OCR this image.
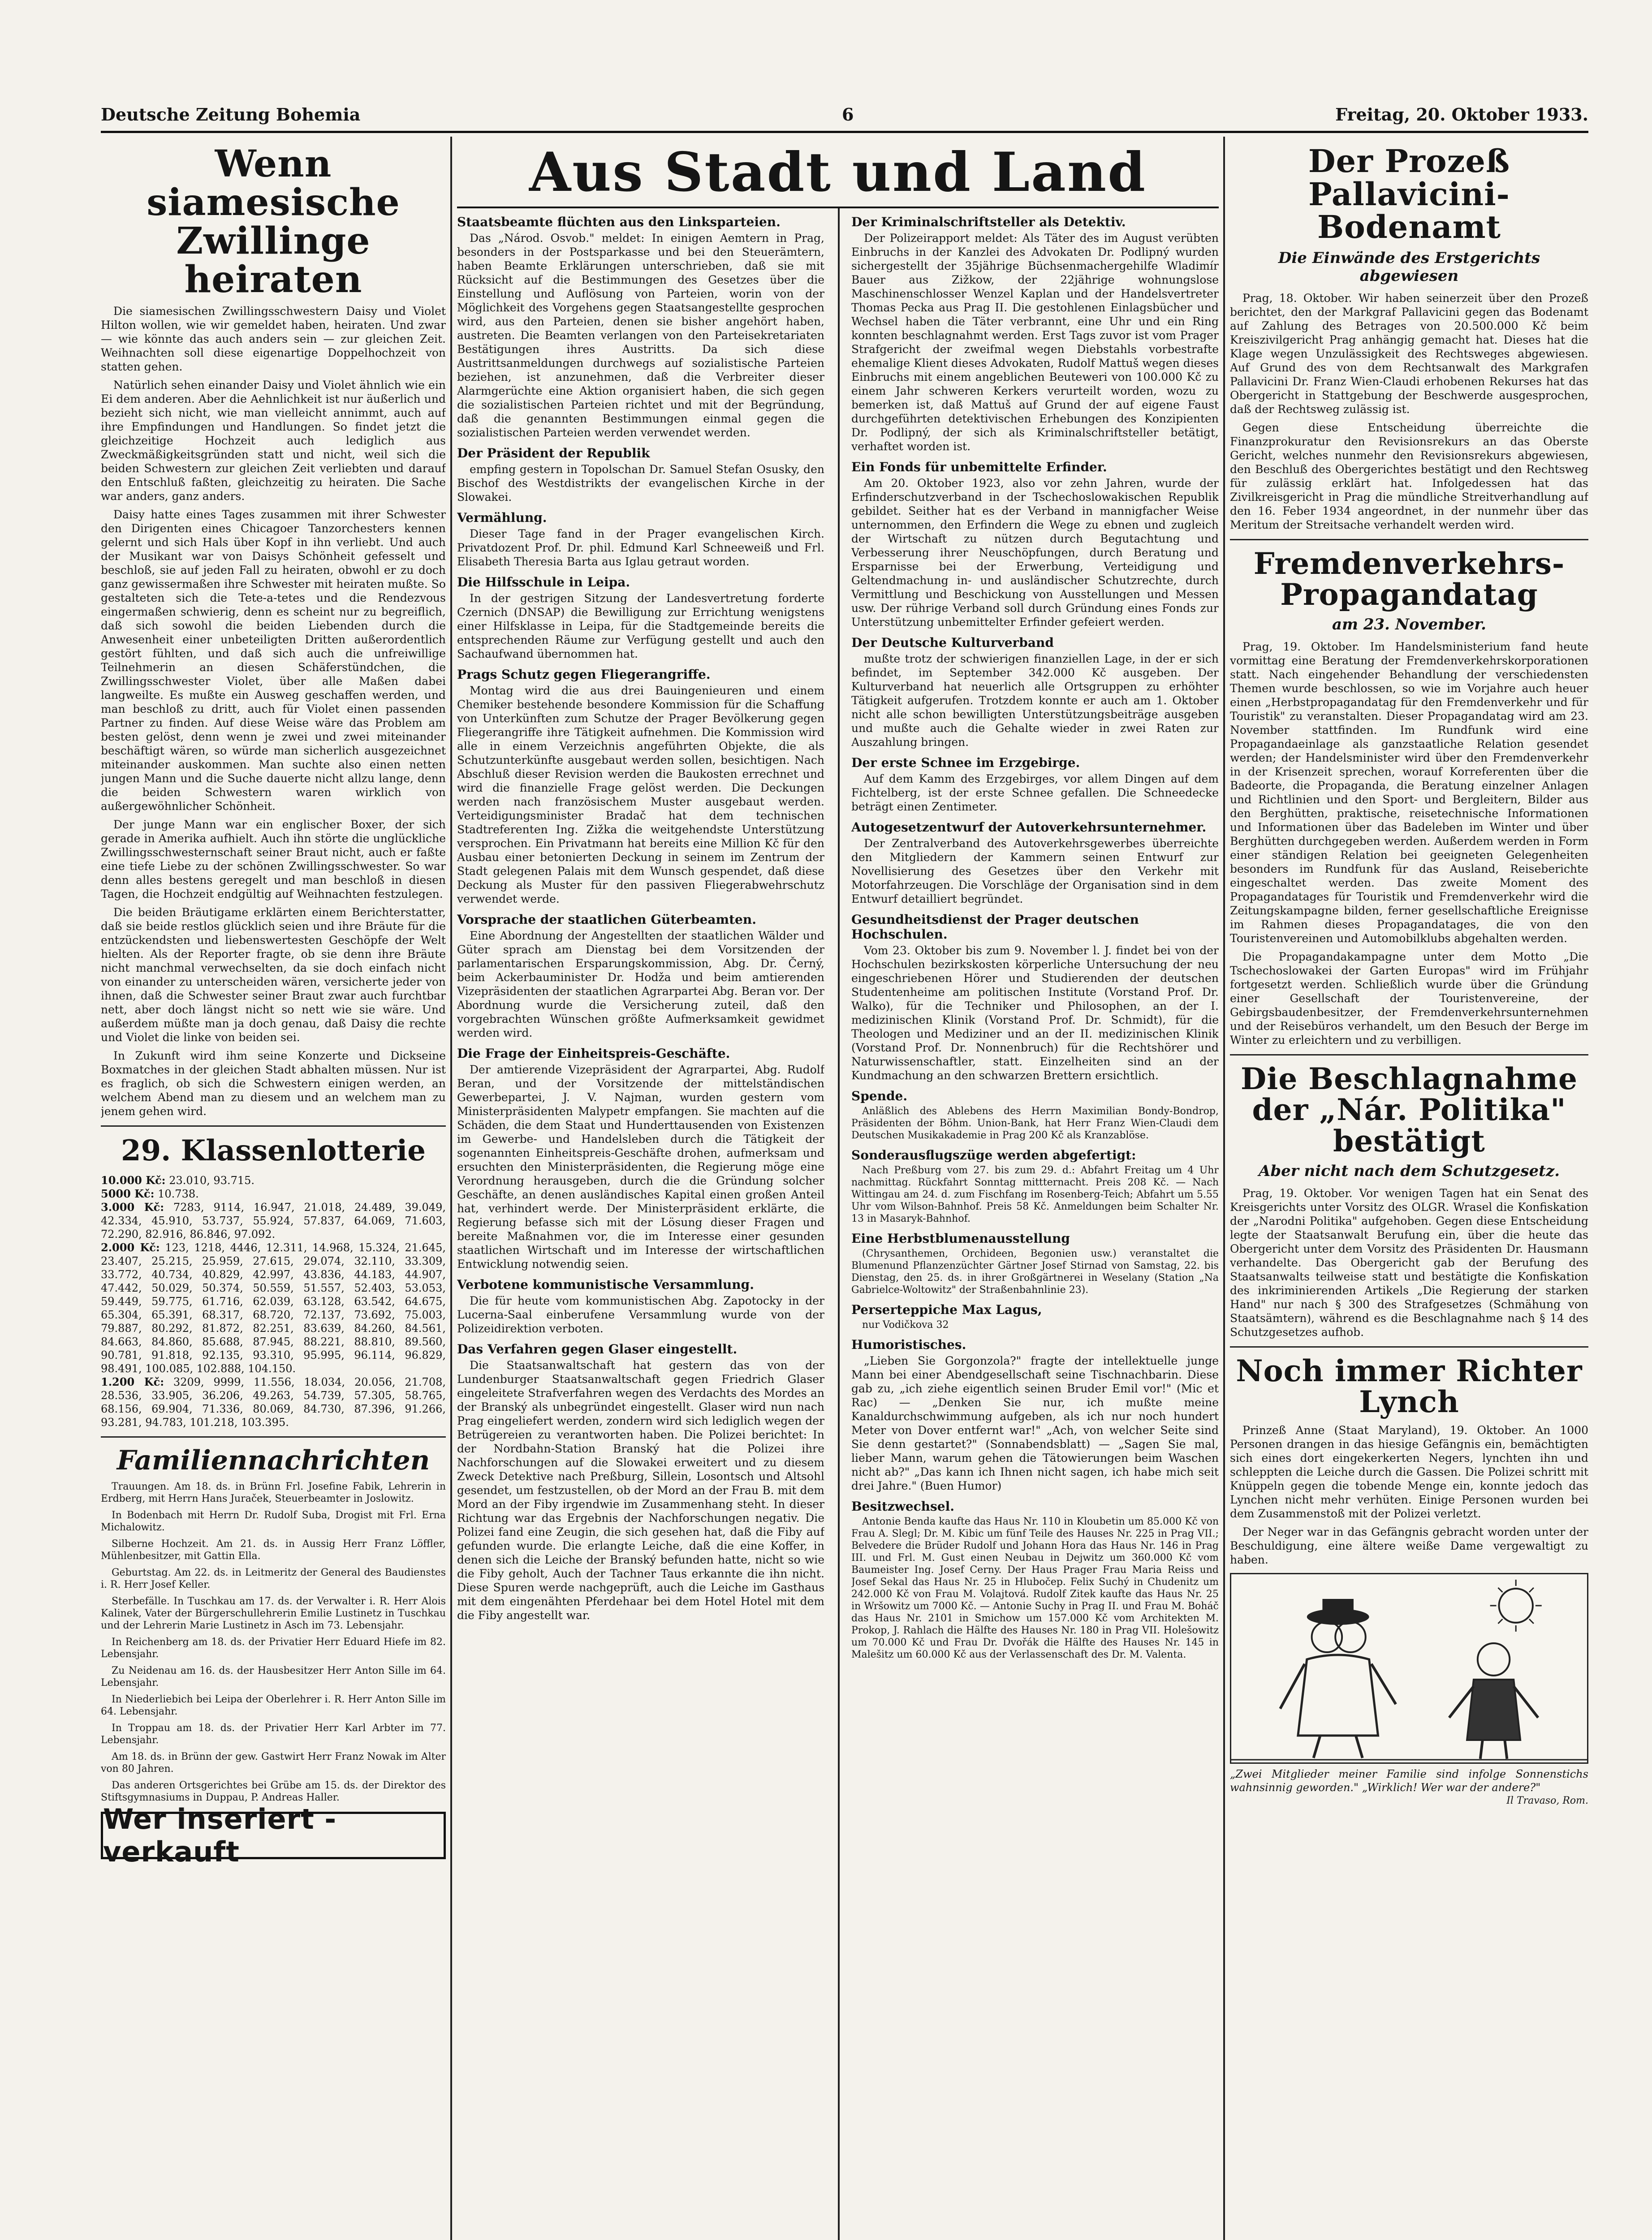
Deutsche Zeitung Bohemia	6	Freitag, 20. Oktober 1933.
Wenn siamesische Zwillinge heiraten

Die siamesischen Zwillingsschwestern Daisy und Violet Hilton wollen, wie wir gemeldet haben, heiraten. Und zwar — wie könnte das auch anders sein — zur gleichen Zeit. Weihnachten soll diese eigenartige Doppelhochzeit von statten gehen.

Natürlich sehen einander Daisy und Violet ähnlich wie ein Ei dem anderen. Aber die Aehnlichkeit ist nur äußerlich und bezieht sich nicht, wie man vielleicht annimmt, auch auf ihre Empfindungen und Handlungen. So findet jetzt die gleichzeitige Hochzeit auch lediglich aus Zweckmäßigkeitsgründen statt und nicht, weil sich die beiden Schwestern zur gleichen Zeit verliebten und darauf den Entschluß faßten, gleichzeitig zu heiraten. Die Sache war anders, ganz anders.

Daisy hatte eines Tages zusammen mit ihrer Schwester den Dirigenten eines Chicagoer Tanzorchesters kennen gelernt und sich Hals über Kopf in ihn verliebt. Und auch der Musikant war von Daisys Schönheit gefesselt und beschloß, sie auf jeden Fall zu heiraten, obwohl er zu doch ganz gewissermaßen ihre Schwester mit heiraten mußte. So gestalteten sich die Tete-a-tetes und die Rendezvous eingermaßen schwierig, denn es scheint nur zu begreiflich, daß sich sowohl die beiden Liebenden durch die Anwesenheit einer unbeteiligten Dritten außerordentlich gestört fühlten, und daß sich auch die unfreiwillige Teilnehmerin an diesen Schäferstündchen, die Zwillingsschwester Violet, über alle Maßen dabei langweilte. Es mußte ein Ausweg geschaffen werden, und man beschloß zu dritt, auch für Violet einen passenden Partner zu finden. Auf diese Weise wäre das Problem am besten gelöst, denn wenn je zwei und zwei miteinander beschäftigt wären, so würde man sicherlich ausgezeichnet miteinander auskommen. Man suchte also einen netten jungen Mann und die Suche dauerte nicht allzu lange, denn die beiden Schwestern waren wirklich von außergewöhnlicher Schönheit.

Der junge Mann war ein englischer Boxer, der sich gerade in Amerika aufhielt. Auch ihn störte die unglückliche Zwillingsschwesternschaft seiner Braut nicht, auch er faßte eine tiefe Liebe zu der schönen Zwillingsschwester. So war denn alles bestens geregelt und man beschloß in diesen Tagen, die Hochzeit endgültig auf Weihnachten festzulegen.

Die beiden Bräutigame erklärten einem Berichterstatter, daß sie beide restlos glücklich seien und ihre Bräute für die entzückendsten und liebenswertesten Geschöpfe der Welt hielten. Als der Reporter fragte, ob sie denn ihre Bräute nicht manchmal verwechselten, da sie doch einfach nicht von einander zu unterscheiden wären, versicherte jeder von ihnen, daß die Schwester seiner Braut zwar auch furchtbar nett, aber doch längst nicht so nett wie sie wäre. Und außerdem müßte man ja doch genau, daß Daisy die rechte und Violet die linke von beiden sei.

In Zukunft wird ihm seine Konzerte und Dickseine Boxmatches in der gleichen Stadt abhalten müssen. Nur ist es fraglich, ob sich die Schwestern einigen werden, an welchem Abend man zu diesem und an welchem man zu jenem gehen wird.

29. Klassenlotterie

10.000 Kč: 23.010, 93.715.

5000 Kč: 10.738.

3.000 Kč: 7283, 9114, 16.947, 21.018, 24.489, 39.049, 42.334, 45.910, 53.737, 55.924, 57.837, 64.069, 71.603, 72.290, 82.916, 86.846, 97.092.

2.000 Kč: 123, 1218, 4446, 12.311, 14.968, 15.324, 21.645, 23.407, 25.215, 25.959, 27.615, 29.074, 32.110, 33.309, 33.772, 40.734, 40.829, 42.997, 43.836, 44.183, 44.907, 47.442, 50.029, 50.374, 50.559, 51.557, 52.403, 53.053, 59.449, 59.775, 61.716, 62.039, 63.128, 63.542, 64.675, 65.304, 65.391, 68.317, 68.720, 72.137, 73.692, 75.003, 79.887, 80.292, 81.872, 82.251, 83.639, 84.260, 84.561, 84.663, 84.860, 85.688, 87.945, 88.221, 88.810, 89.560, 90.781, 91.818, 92.135, 93.310, 95.995, 96.114, 96.829, 98.491, 100.085, 102.888, 104.150.

1.200 Kč: 3209, 9999, 11.556, 18.034, 20.056, 21.708, 28.536, 33.905, 36.206, 49.263, 54.739, 57.305, 58.765, 68.156, 69.904, 71.336, 80.069, 84.730, 87.396, 91.266, 93.281, 94.783, 101.218, 103.395.

Familiennachrichten

Trauungen. Am 18. ds. in Brünn Frl. Josefine Fabik, Lehrerin in Erdberg, mit Herrn Hans Juraček, Steuerbeamter in Joslowitz.

In Bodenbach mit Herrn Dr. Rudolf Suba, Drogist mit Frl. Erna Michalowitz.

Silberne Hochzeit. Am 21. ds. in Aussig Herr Franz Löffler, Mühlenbesitzer, mit Gattin Ella.

Geburtstag. Am 22. ds. in Leitmeritz der General des Baudienstes i. R. Herr Josef Keller.

Sterbefälle. In Tuschkau am 17. ds. der Verwalter i. R. Herr Alois Kalinek, Vater der Bürgerschullehrerin Emilie Lustinetz in Tuschkau und der Lehrerin Marie Lustinetz in Asch im 73. Lebensjahr.

In Reichenberg am 18. ds. der Privatier Herr Eduard Hiefe im 82. Lebensjahr.

Zu Neidenau am 16. ds. der Hausbesitzer Herr Anton Sille im 64. Lebensjahr.

In Niederliebich bei Leipa der Oberlehrer i. R. Herr Anton Sille im 64. Lebensjahr.

In Troppau am 18. ds. der Privatier Herr Karl Arbter im 77. Lebensjahr.

Am 18. ds. in Brünn der gew. Gastwirt Herr Franz Nowak im Alter von 80 Jahren.

Das anderen Ortsgerichtes bei Grübe am 15. ds. der Direktor des Stiftsgymnasiums in Duppau, P. Andreas Haller.

Wer inseriert - verkauft
Aus Stadt und Land
Staatsbeamte flüchten aus den Linksparteien.

Das „Národ. Osvob." meldet: In einigen Aemtern in Prag, besonders in der Postsparkasse und bei den Steuerämtern, haben Beamte Erklärungen unterschrieben, daß sie mit Rücksicht auf die Bestimmungen des Gesetzes über die Einstellung und Auflösung von Parteien, worin von der Möglichkeit des Vorgehens gegen Staatsangestellte gesprochen wird, aus den Parteien, denen sie bisher angehört haben, austreten. Die Beamten verlangen von den Parteisekretariaten Bestätigungen ihres Austritts. Da sich diese Austrittsanmeldungen durchwegs auf sozialistische Parteien beziehen, ist anzunehmen, daß die Verbreiter dieser Alarmgerüchte eine Aktion organisiert haben, die sich gegen die sozialistischen Parteien richtet und mit der Begründung, daß die genannten Bestimmungen einmal gegen die sozialistischen Parteien werden verwendet werden.

Der Präsident der Republik

empfing gestern in Topolschan Dr. Samuel Stefan Osusky, den Bischof des Westdistrikts der evangelischen Kirche in der Slowakei.

Vermählung.

Dieser Tage fand in der Prager evangelischen Kirch. Privatdozent Prof. Dr. phil. Edmund Karl Schneeweiß und Frl. Elisabeth Theresia Barta aus Iglau getraut worden.

Die Hilfsschule in Leipa.

In der gestrigen Sitzung der Landesvertretung forderte Czernich (DNSAP) die Bewilligung zur Errichtung wenigstens einer Hilfsklasse in Leipa, für die Stadtgemeinde bereits die entsprechenden Räume zur Verfügung gestellt und auch den Sachaufwand übernommen hat.

Prags Schutz gegen Fliegerangriffe.

Montag wird die aus drei Bauingenieuren und einem Chemiker bestehende besondere Kommission für die Schaffung von Unterkünften zum Schutze der Prager Bevölkerung gegen Fliegerangriffe ihre Tätigkeit aufnehmen. Die Kommission wird alle in einem Verzeichnis angeführten Objekte, die als Schutzunterkünfte ausgebaut werden sollen, besichtigen. Nach Abschluß dieser Revision werden die Baukosten errechnet und wird die finanzielle Frage gelöst werden. Die Deckungen werden nach französischem Muster ausgebaut werden. Verteidigungsminister Bradač hat dem technischen Stadtreferenten Ing. Zižka die weitgehendste Unterstützung versprochen. Ein Privatmann hat bereits eine Million Kč für den Ausbau einer betonierten Deckung in seinem im Zentrum der Stadt gelegenen Palais mit dem Wunsch gespendet, daß diese Deckung als Muster für den passiven Fliegerabwehrschutz verwendet werde.

Vorsprache der staatlichen Güterbeamten.

Eine Abordnung der Angestellten der staatlichen Wälder und Güter sprach am Dienstag bei dem Vorsitzenden der parlamentarischen Ersparungskommission, Abg. Dr. Černý, beim Ackerbauminister Dr. Hodža und beim amtierenden Vizepräsidenten der staatlichen Agrarpartei Abg. Beran vor. Der Abordnung wurde die Versicherung zuteil, daß den vorgebrachten Wünschen größte Aufmerksamkeit gewidmet werden wird.

Die Frage der Einheitspreis-Geschäfte.

Der amtierende Vizepräsident der Agrarpartei, Abg. Rudolf Beran, und der Vorsitzende der mittelständischen Gewerbepartei, J. V. Najman, wurden gestern vom Ministerpräsidenten Malypetr empfangen. Sie machten auf die Schäden, die dem Staat und Hunderttausenden von Existenzen im Gewerbe- und Handelsleben durch die Tätigkeit der sogenannten Einheitspreis-Geschäfte drohen, aufmerksam und ersuchten den Ministerpräsidenten, die Regierung möge eine Verordnung herausgeben, durch die die Gründung solcher Geschäfte, an denen ausländisches Kapital einen großen Anteil hat, verhindert werde. Der Ministerpräsident erklärte, die Regierung befasse sich mit der Lösung dieser Fragen und bereite Maßnahmen vor, die im Interesse einer gesunden staatlichen Wirtschaft und im Interesse der wirtschaftlichen Entwicklung notwendig seien.

Verbotene kommunistische Versammlung.

Die für heute vom kommunistischen Abg. Zapotocky in der Lucerna-Saal einberufene Versammlung wurde von der Polizeidirektion verboten.

Das Verfahren gegen Glaser eingestellt.

Die Staatsanwaltschaft hat gestern das von der Lundenburger Staatsanwaltschaft gegen Friedrich Glaser eingeleitete Strafverfahren wegen des Verdachts des Mordes an der Branský als unbegründet eingestellt. Glaser wird nun nach Prag eingeliefert werden, zondern wird sich lediglich wegen der Betrügereien zu verantworten haben. Die Polizei berichtet: In der Nordbahn-Station Branský hat die Polizei ihre Nachforschungen auf die Slowakei erweitert und zu diesem Zweck Detektive nach Preßburg, Sillein, Losontsch und Altsohl gesendet, um festzustellen, ob der Mord an der Frau B. mit dem Mord an der Fiby irgendwie im Zusammenhang steht. In dieser Richtung war das Ergebnis der Nachforschungen negativ. Die Polizei fand eine Zeugin, die sich gesehen hat, daß die Fiby auf gefunden wurde. Die erlangte Leiche, daß die eine Koffer, in denen sich die Leiche der Branský befunden hatte, nicht so wie die Fiby geholt, Auch der Tachner Taus erkannte die ihn nicht. Diese Spuren werde nachgeprüft, auch die Leiche im Gasthaus mit dem eingenähten Pferdehaar bei dem Hotel Hotel mit dem die Fiby angestellt war.

Der Kriminalschriftsteller als Detektiv.

Der Polizeirapport meldet: Als Täter des im August verübten Einbruchs in der Kanzlei des Advokaten Dr. Podlipný wurden sichergestellt der 35jährige Büchsenmachergehilfe Wladimír Bauer aus Zižkow, der 22jährige wohnungslose Maschinenschlosser Wenzel Kaplan und der Handelsvertreter Thomas Pecka aus Prag II. Die gestohlenen Einlagsbücher und Wechsel haben die Täter verbrannt, eine Uhr und ein Ring konnten beschlagnahmt werden. Erst Tags zuvor ist vom Prager Strafgericht der zweifmal wegen Diebstahls vorbestrafte ehemalige Klient dieses Advokaten, Rudolf Mattuš wegen dieses Einbruchs mit einem angeblichen Beuteweri von 100.000 Kč zu einem Jahr schweren Kerkers verurteilt worden, wozu zu bemerken ist, daß Mattuš auf Grund der auf eigene Faust durchgeführten detektivischen Erhebungen des Konzipienten Dr. Podlipný, der sich als Kriminalschriftsteller betätigt, verhaftet worden ist.

Ein Fonds für unbemittelte Erfinder.

Am 20. Oktober 1923, also vor zehn Jahren, wurde der Erfinderschutzverband in der Tschechoslowakischen Republik gebildet. Seither hat es der Verband in mannigfacher Weise unternommen, den Erfindern die Wege zu ebnen und zugleich der Wirtschaft zu nützen durch Begutachtung und Verbesserung ihrer Neuschöpfungen, durch Beratung und Ersparnisse bei der Erwerbung, Verteidigung und Geltendmachung in- und ausländischer Schutzrechte, durch Vermittlung und Beschickung von Ausstellungen und Messen usw. Der rührige Verband soll durch Gründung eines Fonds zur Unterstützung unbemittelter Erfinder gefeiert werden.

Der Deutsche Kulturverband

mußte trotz der schwierigen finanziellen Lage, in der er sich befindet, im September 342.000 Kč ausgeben. Der Kulturverband hat neuerlich alle Ortsgruppen zu erhöhter Tätigkeit aufgerufen. Trotzdem konnte er auch am 1. Oktober nicht alle schon bewilligten Unterstützungsbeiträge ausgeben und mußte auch die Gehalte wieder in zwei Raten zur Auszahlung bringen.

Der erste Schnee im Erzgebirge.

Auf dem Kamm des Erzgebirges, vor allem Dingen auf dem Fichtelberg, ist der erste Schnee gefallen. Die Schneedecke beträgt einen Zentimeter.

Autogesetzentwurf der Autoverkehrsunternehmer.

Der Zentralverband des Autoverkehrsgewerbes überreichte den Mitgliedern der Kammern seinen Entwurf zur Novellisierung des Gesetzes über den Verkehr mit Motorfahrzeugen. Die Vorschläge der Organisation sind in dem Entwurf detailliert begründet.

Gesundheitsdienst der Prager deutschen Hochschulen.

Vom 23. Oktober bis zum 9. November l. J. findet bei von der Hochschulen bezirkskosten körperliche Untersuchung der neu eingeschriebenen Hörer und Studierenden der deutschen Studentenheime am politischen Institute (Vorstand Prof. Dr. Walko), für die Techniker und Philosophen, an der I. medizinischen Klinik (Vorstand Prof. Dr. Schmidt), für die Theologen und Mediziner und an der II. medizinischen Klinik (Vorstand Prof. Dr. Nonnenbruch) für die Rechtshörer und Naturwissenschaftler, statt. Einzelheiten sind an der Kundmachung an den schwarzen Brettern ersichtlich.

Spende.

Anläßlich des Ablebens des Herrn Maximilian Bondy-Bondrop, Präsidenten der Böhm. Union-Bank, hat Herr Franz Wien-Claudi dem Deutschen Musikakademie in Prag 200 Kč als Kranzablöse.

Sonderausflugszüge werden abgefertigt:

Nach Preßburg vom 27. bis zum 29. d.: Abfahrt Freitag um 4 Uhr nachmittag. Rückfahrt Sonntag mittternacht. Preis 208 Kč. — Nach Wittingau am 24. d. zum Fischfang im Rosenberg-Teich; Abfahrt um 5.55 Uhr vom Wilson-Bahnhof. Preis 58 Kč. Anmeldungen beim Schalter Nr. 13 in Masaryk-Bahnhof.

Eine Herbstblumenausstellung

(Chrysanthemen, Orchideen, Begonien usw.) veranstaltet die Blumenund Pflanzenzüchter Gärtner Josef Stirnad von Samstag, 22. bis Dienstag, den 25. ds. in ihrer Großgärtnerei in Weselany (Station „Na Gabrielce-Woltowitz" der Straßenbahnlinie 23).

Perserteppiche Max Lagus,

nur Vodičkova 32

Humoristisches.

„Lieben Sie Gorgonzola?" fragte der intellektuelle junge Mann bei einer Abendgesellschaft seine Tischnachbarin. Diese gab zu, „ich ziehe eigentlich seinen Bruder Emil vor!" (Mic et Rac) — „Denken Sie nur, ich mußte meine Kanaldurchschwimmung aufgeben, als ich nur noch hundert Meter von Dover entfernt war!" „Ach, von welcher Seite sind Sie denn gestartet?" (Sonnabendsblatt) — „Sagen Sie mal, lieber Mann, warum gehen die Tätowierungen beim Waschen nicht ab?" „Das kann ich Ihnen nicht sagen, ich habe mich seit drei Jahre." (Buen Humor)

Besitzwechsel.

Antonie Benda kaufte das Haus Nr. 110 in Kloubetin um 85.000 Kč von Frau A. Slegl; Dr. M. Kibic um fünf Teile des Hauses Nr. 225 in Prag VII.; Belvedere die Brüder Rudolf und Johann Hora das Haus Nr. 146 in Prag III. und Frl. M. Gust einen Neubau in Dejwitz um 360.000 Kč vom Baumeister Ing. Josef Cerny. Der Haus Prager Frau Maria Reiss und Josef Sekal das Haus Nr. 25 in Hlubočep. Felix Suchý in Chudenitz um 242.000 Kč von Frau M. Volajtová. Rudolf Zitek kaufte das Haus Nr. 25 in Wršowitz um 7000 Kč. — Antonie Suchy in Prag II. und Frau M. Boháč das Haus Nr. 2101 in Smichow um 157.000 Kč vom Architekten M. Prokop, J. Rahlach die Hälfte des Hauses Nr. 180 in Prag VII. Holešowitz um 70.000 Kč und Frau Dr. Dvořák die Hälfte des Hauses Nr. 145 in Malešitz um 60.000 Kč aus der Verlassenschaft des Dr. M. Valenta.

Der Prozeß Pallavicini-Bodenamt
Die Einwände des Erstgerichts abgewiesen

Prag, 18. Oktober. Wir haben seinerzeit über den Prozeß berichtet, den der Markgraf Pallavicini gegen das Bodenamt auf Zahlung des Betrages von 20.500.000 Kč beim Kreiszivilgericht Prag anhängig gemacht hat. Dieses hat die Klage wegen Unzulässigkeit des Rechtsweges abgewiesen. Auf Grund des von dem Rechtsanwalt des Markgrafen Pallavicini Dr. Franz Wien-Claudi erhobenen Rekurses hat das Obergericht in Stattgebung der Beschwerde ausgesprochen, daß der Rechtsweg zulässig ist.

Gegen diese Entscheidung überreichte die Finanzprokuratur den Revisionsrekurs an das Oberste Gericht, welches nunmehr den Revisionsrekurs abgewiesen, den Beschluß des Obergerichtes bestätigt und den Rechtsweg für zulässig erklärt hat. Infolgedessen hat das Zivilkreisgericht in Prag die mündliche Streitverhandlung auf den 16. Feber 1934 angeordnet, in der nunmehr über das Meritum der Streitsache verhandelt werden wird.

Fremdenverkehrs-Propagandatag
am 23. November.

Prag, 19. Oktober. Im Handelsministerium fand heute vormittag eine Beratung der Fremdenverkehrskorporationen statt. Nach eingehender Behandlung der verschiedensten Themen wurde beschlossen, so wie im Vorjahre auch heuer einen „Herbstpropagandatag für den Fremdenverkehr und für Touristik" zu veranstalten. Dieser Propagandatag wird am 23. November stattfinden. Im Rundfunk wird eine Propagandaeinlage als ganzstaatliche Relation gesendet werden; der Handelsminister wird über den Fremdenverkehr in der Krisenzeit sprechen, worauf Korreferenten über die Badeorte, die Propaganda, die Beratung einzelner Anlagen und Richtlinien und den Sport- und Bergleitern, Bilder aus den Berghütten, praktische, reisetechnische Informationen und Informationen über das Badeleben im Winter und über Berghütten durchgegeben werden. Außerdem werden in Form einer ständigen Relation bei geeigneten Gelegenheiten besonders im Rundfunk für das Ausland, Reiseberichte eingeschaltet werden. Das zweite Moment des Propagandatages für Touristik und Fremdenverkehr wird die Zeitungskampagne bilden, ferner gesellschaftliche Ereignisse im Rahmen dieses Propagandatages, die von den Touristenvereinen und Automobilklubs abgehalten werden.

Die Propagandakampagne unter dem Motto „Die Tschechoslowakei der Garten Europas" wird im Frühjahr fortgesetzt werden. Schließlich wurde über die Gründung einer Gesellschaft der Touristenvereine, der Gebirgsbaudenbesitzer, der Fremdenverkehrsunternehmen und der Reisebüros verhandelt, um den Besuch der Berge im Winter zu erleichtern und zu verbilligen.

Die Beschlagnahme der „Nár. Politika" bestätigt
Aber nicht nach dem Schutzgesetz.

Prag, 19. Oktober. Vor wenigen Tagen hat ein Senat des Kreisgerichts unter Vorsitz des OLGR. Wrasel die Konfiskation der „Narodni Politika" aufgehoben. Gegen diese Entscheidung legte der Staatsanwalt Berufung ein, über die heute das Obergericht unter dem Vorsitz des Präsidenten Dr. Hausmann verhandelte. Das Obergericht gab der Berufung des Staatsanwalts teilweise statt und bestätigte die Konfiskation des inkriminierenden Artikels „Die Regierung der starken Hand" nur nach § 300 des Strafgesetzes (Schmähung von Staatsämtern), während es die Beschlagnahme nach § 14 des Schutzgesetzes aufhob.

Noch immer Richter Lynch

Prinzeß Anne (Staat Maryland), 19. Oktober. An 1000 Personen drangen in das hiesige Gefängnis ein, bemächtigten sich eines dort eingekerkerten Negers, lynchten ihn und schleppten die Leiche durch die Gassen. Die Polizei schritt mit Knüppeln gegen die tobende Menge ein, konnte jedoch das Lynchen nicht mehr verhüten. Einige Personen wurden bei dem Zusammenstoß mit der Polizei verletzt.

Der Neger war in das Gefängnis gebracht worden unter der Beschuldigung, eine ältere weiße Dame vergewaltigt zu haben.

„Zwei Mitglieder meiner Familie sind infolge Sonnenstichs wahnsinnig geworden." „Wirklich! Wer war der andere?"

Il Travaso, Rom.
